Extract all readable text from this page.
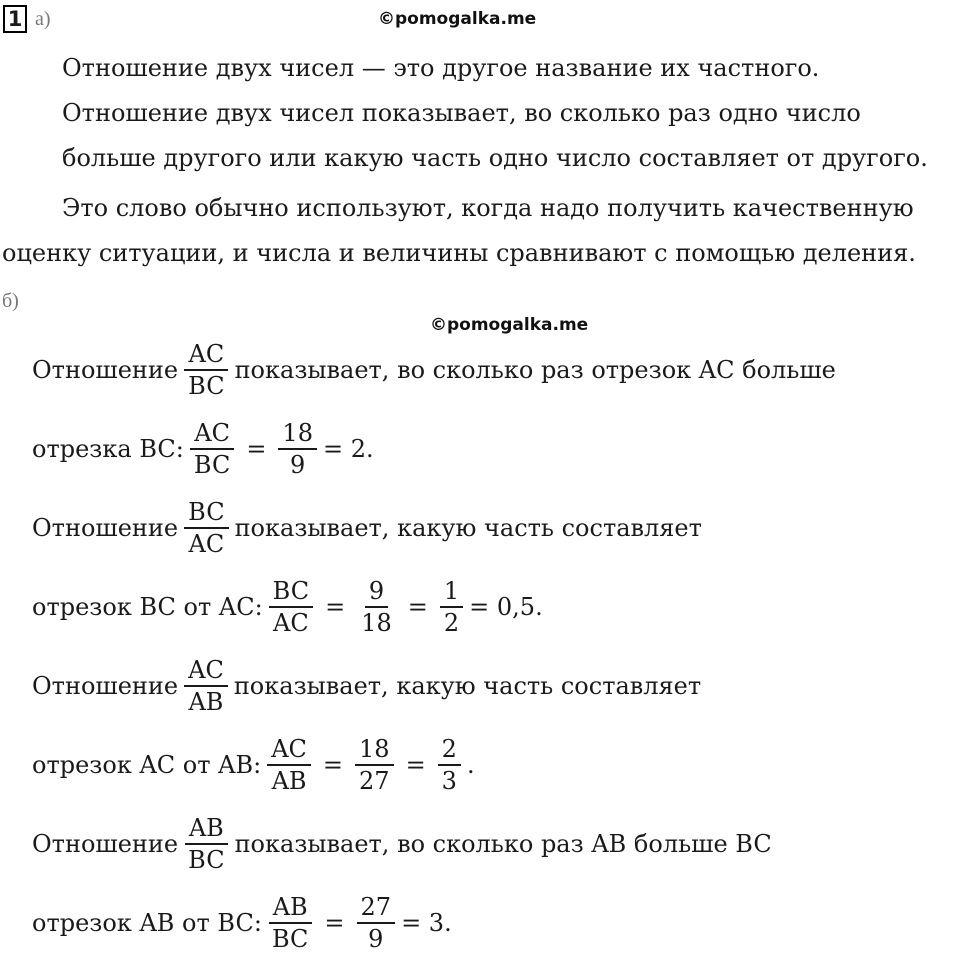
1 а)	©pomogalka.me
Отношение двух чисел — это другое название их частного.
Отношение двух чисел показывает, во сколько раз одно число
больше другого или какую часть одно число составляет от другого.
Это слово обычно используют, когда надо получить качественную
оценку ситуации, и числа и величины сравнивают с помощью деления.
б)
©pomogalka.me
Отношение $\frac{AC}{BC}$ показывает, во сколько раз отрезок AC больше
отрезка BC: $\frac{AC}{BC} = \frac{18}{9} = 2$.
Отношение $\frac{BC}{AC}$ показывает, какую часть составляет
отрезок BC от AC: $\frac{BC}{AC} = \frac{9}{18} = \frac{1}{2} = 0,5$.
Отношение $\frac{AC}{AB}$ показывает, какую часть составляет
отрезок AC от AB: $\frac{AC}{AB} = \frac{18}{27} = \frac{2}{3}$ .
Отношение $\frac{AB}{BC}$ показывает, во сколько раз AB больше BC
отрезок AB от BC: $\frac{AB}{BC} = \frac{27}{9} = 3$.
